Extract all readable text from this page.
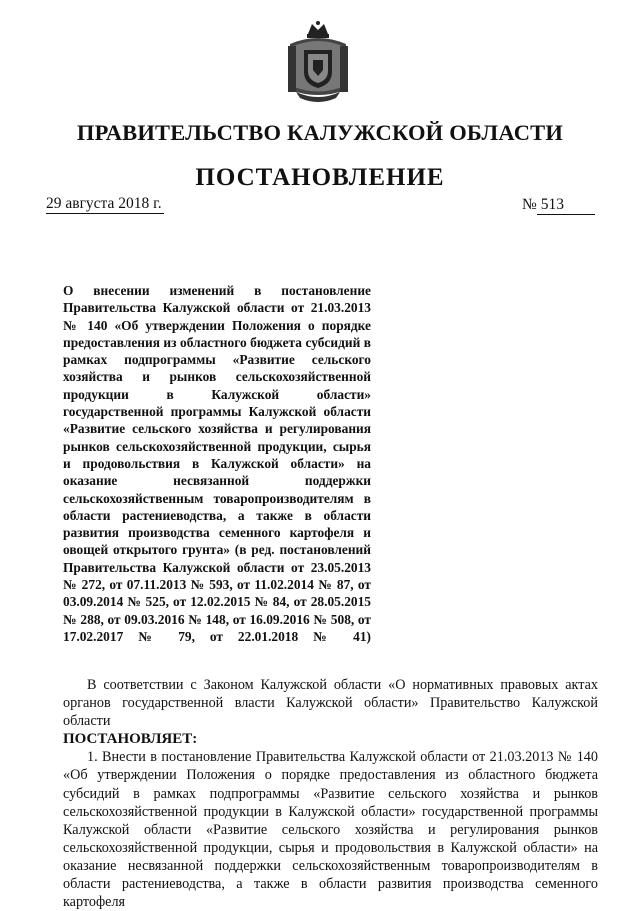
ПРАВИТЕЛЬСТВО КАЛУЖСКОЙ ОБЛАСТИ
ПОСТАНОВЛЕНИЕ
29 августа 2018 г.	№ 513
О внесении изменений в постановление Правительства Калужской области от 21.03.2013 № 140 «Об утверждении Положения о порядке предоставления из областного бюджета субсидий в рамках подпрограммы «Развитие сельского хозяйства и рынков сельскохозяйственной продукции в Калужской области» государственной программы Калужской области «Развитие сельского хозяйства и регулирования рынков сельскохозяйственной продукции, сырья и продовольствия в Калужской области» на оказание несвязанной поддержки сельскохозяйственным товаропроизводителям в области растениеводства, а также в области развития производства семенного картофеля и овощей открытого грунта» (в ред. постановлений Правительства Калужской области от 23.05.2013 № 272, от 07.11.2013 № 593, от 11.02.2014 № 87, от 03.09.2014 № 525, от 12.02.2015 № 84, от 28.05.2015 № 288, от 09.03.2016 № 148, от 16.09.2016 № 508, от 17.02.2017 № 79, от 22.01.2018 № 41)

В соответствии с Законом Калужской области «О нормативных правовых актах органов государственной власти Калужской области» Правительство Калужской области

ПОСТАНОВЛЯЕТ:

1. Внести в постановление Правительства Калужской области от 21.03.2013 № 140 «Об утверждении Положения о порядке предоставления из областного бюджета субсидий в рамках подпрограммы «Развитие сельского хозяйства и рынков сельскохозяйственной продукции в Калужской области» государственной программы Калужской области «Развитие сельского хозяйства и регулирования рынков сельскохозяйственной продукции, сырья и продовольствия в Калужской области» на оказание несвязанной поддержки сельскохозяйственным товаропроизводителям в области растениеводства, а также в области развития производства семенного картофеля
